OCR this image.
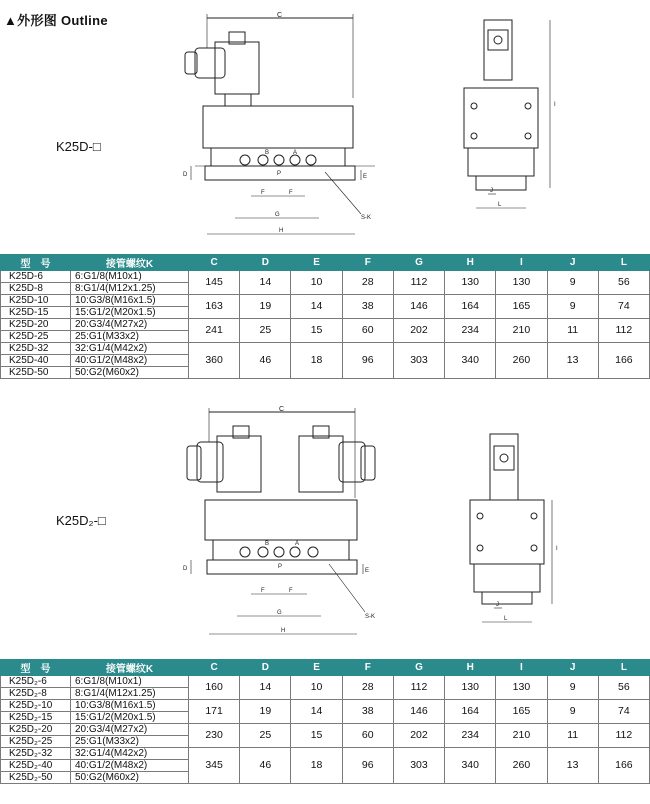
▲外形图 Outline
K25D-□
C
B	A
P
D	E
F	F
G
H
S-K
I
J
L
型　号	接管螺纹K	C	D	E	F	G	H	I	J	L
K25D-6	6:G1/8(M10x1)	145	14	10	28	112	130	130	9	56
K25D-8	8:G1/4(M12x1.25)									
K25D-10	10:G3/8(M16x1.5)	163	19	14	38	146	164	165	9	74
K25D-15	15:G1/2(M20x1.5)									
K25D-20	20:G3/4(M27x2)	241	25	15	60	202	234	210	11	112
K25D-25	25:G1(M33x2)									
K25D-32	32:G1/4(M42x2)	360	46	18	96	303	340	260	13	166
K25D-40	40:G1/2(M48x2)									
K25D-50	50:G2(M60x2)									
K25D₂-□
C
B	A
P
D	E
F	F
G
H
S-K
I
J
L
型　号	接管螺纹K	C	D	E	F	G	H	I	J	L
K25D₂-6	6:G1/8(M10x1)	160	14	10	28	112	130	130	9	56
K25D₂-8	8:G1/4(M12x1.25)									
K25D₂-10	10:G3/8(M16x1.5)	171	19	14	38	146	164	165	9	74
K25D₂-15	15:G1/2(M20x1.5)									
K25D₂-20	20:G3/4(M27x2)	230	25	15	60	202	234	210	11	112
K25D₂-25	25:G1(M33x2)									
K25D₂-32	32:G1/4(M42x2)	345	46	18	96	303	340	260	13	166
K25D₂-40	40:G1/2(M48x2)									
K25D₂-50	50:G2(M60x2)									
